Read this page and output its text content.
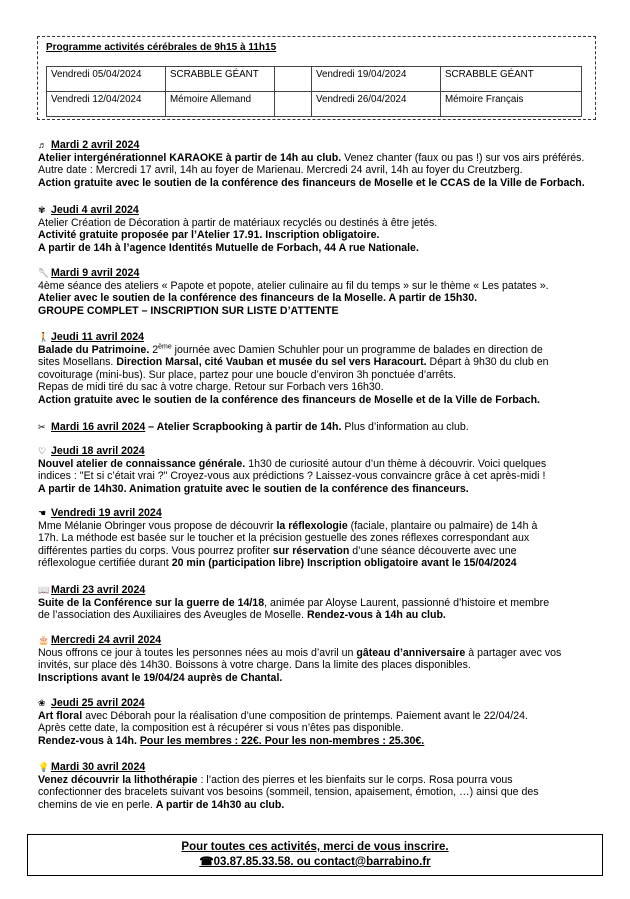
Programme activités cérébrales de 9h15 à 11h15
Vendredi 05/04/2024	SCRABBLE GÉANT		Vendredi 19/04/2024	SCRABBLE GÉANT
Vendredi 12/04/2024	Mémoire Allemand		Vendredi 26/04/2024	Mémoire Français
♬ Mardi 2 avril 2024
Atelier intergénérationnel KARAOKE à partir de 14h au club. Venez chanter (faux ou pas !) sur vos airs préférés.
Autre date : Mercredi 17 avril, 14h au foyer de Marienau. Mercredi 24 avril, 14h au foyer du Creutzberg.
Action gratuite avec le soutien de la conférence des financeurs de Moselle et le CCAS de la Ville de Forbach.
✾ Jeudi 4 avril 2024
Atelier Création de Décoration à partir de matériaux recyclés ou destinés à être jetés.
Activité gratuite proposée par l’Atelier 17.91. Inscription obligatoire.
A partir de 14h à l’agence Identités Mutuelle de Forbach, 44 A rue Nationale.
🥄 Mardi 9 avril 2024
4ème séance des ateliers « Papote et popote, atelier culinaire au fil du temps » sur le thème « Les patates ».
Atelier avec le soutien de la conférence des financeurs de la Moselle. A partir de 15h30.
GROUPE COMPLET – INSCRIPTION SUR LISTE D’ATTENTE
🚶 Jeudi 11 avril 2024
Balade du Patrimoine. 2ème journée avec Damien Schuhler pour un programme de balades en direction de
sites Mosellans. Direction Marsal, cité Vauban et musée du sel vers Haracourt. Départ à 9h30 du club en
covoiturage (mini-bus). Sur place, partez pour une boucle d’environ 3h ponctuée d’arrêts.
Repas de midi tiré du sac à votre charge. Retour sur Forbach vers 16h30.
Action gratuite avec le soutien de la conférence des financeurs de Moselle et de la Ville de Forbach.
✂ Mardi 16 avril 2024 – Atelier Scrapbooking à partir de 14h. Plus d’information au club.
♡ Jeudi 18 avril 2024
Nouvel atelier de connaissance générale. 1h30 de curiosité autour d’un thème à découvrir. Voici quelques
indices : "Et si c’était vrai ?" Croyez-vous aux prédictions ? Laissez-vous convaincre grâce à cet après-midi !
A partir de 14h30. Animation gratuite avec le soutien de la conférence des financeurs.
☚ Vendredi 19 avril 2024
Mme Mélanie Obringer vous propose de découvrir la réflexologie (faciale, plantaire ou palmaire) de 14h à
17h. La méthode est basée sur le toucher et la précision gestuelle des zones réflexes correspondant aux
différentes parties du corps. Vous pourrez profiter sur réservation d’une séance découverte avec une
réflexologue certifiée durant 20 min (participation libre) Inscription obligatoire avant le 15/04/2024
📖 Mardi 23 avril 2024
Suite de la Conférence sur la guerre de 14/18, animée par Aloyse Laurent, passionné d’histoire et membre
de l’association des Auxiliaires des Aveugles de Moselle. Rendez-vous à 14h au club.
🎂 Mercredi 24 avril 2024
Nous offrons ce jour à toutes les personnes nées au mois d’avril un gâteau d’anniversaire à partager avec vos
invités, sur place dès 14h30. Boissons à votre charge. Dans la limite des places disponibles.
Inscriptions avant le 19/04/24 auprès de Chantal.
❀ Jeudi 25 avril 2024
Art floral avec Déborah pour la réalisation d’une composition de printemps. Paiement avant le 22/04/24.
Après cette date, la composition est à récupérer si vous n’êtes pas disponible.
Rendez-vous à 14h. Pour les membres : 22€. Pour les non-membres : 25.30€.
💡 Mardi 30 avril 2024
Venez découvrir la lithothérapie : l’action des pierres et les bienfaits sur le corps. Rosa pourra vous
confectionner des bracelets suivant vos besoins (sommeil, tension, apaisement, émotion, …) ainsi que des
chemins de vie en perle. A partir de 14h30 au club.
Pour toutes ces activités, merci de vous inscrire.
☎03.87.85.33.58. ou contact@barrabino.fr
